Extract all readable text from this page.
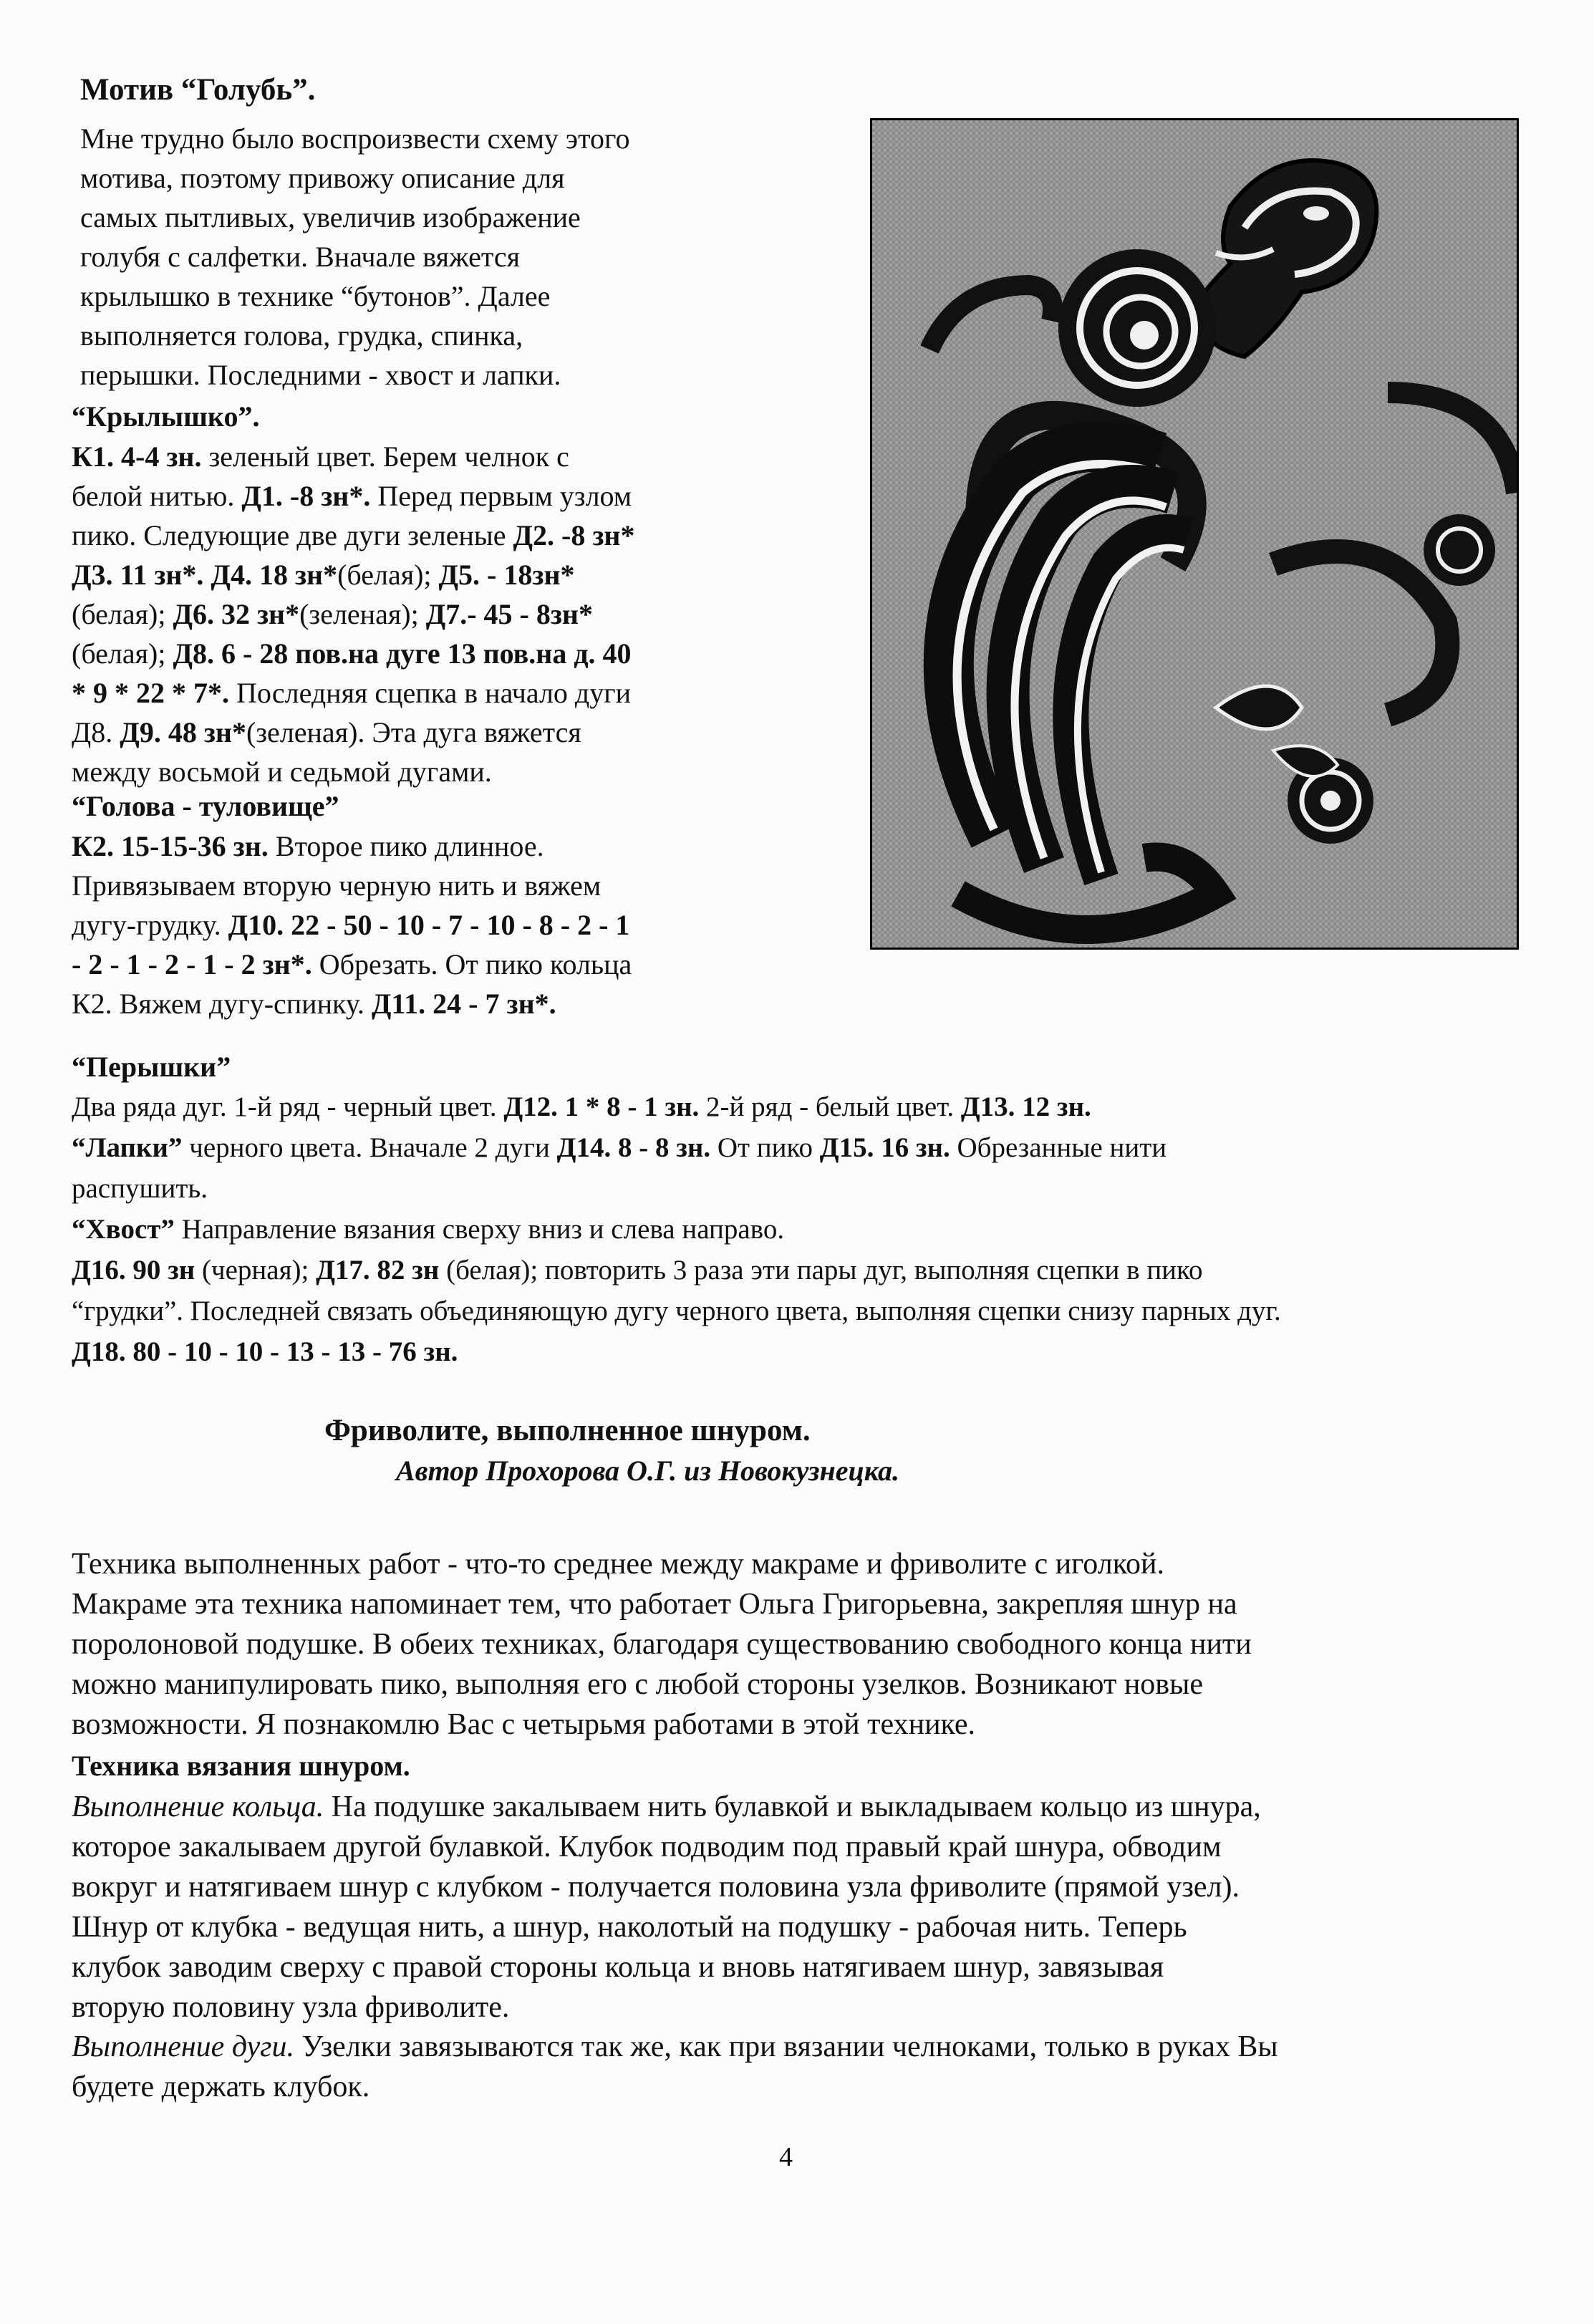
Мотив “Голубь”.
Мне трудно было воспроизвести схему этого
мотива, поэтому привожу описание для
самых пытливых, увеличив изображение
голубя с салфетки. Вначале вяжется
крылышко в технике “бутонов”. Далее
выполняется голова, грудка, спинка,
перышки. Последними - хвост и лапки.
“Крылышко”.
К1. 4-4 зн. зеленый цвет. Берем челнок с
белой нитью. Д1. -8 зн*. Перед первым узлом
пико. Следующие две дуги зеленые Д2. -8 зн*
Д3. 11 зн*. Д4. 18 зн*(белая); Д5. - 18зн*
(белая); Д6. 32 зн*(зеленая); Д7.- 45 - 8зн*
(белая); Д8. 6 - 28 пов.на дуге 13 пов.на д. 40
* 9 * 22 * 7*. Последняя сцепка в начало дуги
Д8. Д9. 48 зн*(зеленая). Эта дуга вяжется
между восьмой и седьмой дугами.
“Голова - туловище”
К2. 15-15-36 зн. Второе пико длинное.
Привязываем вторую черную нить и вяжем
дугу-грудку. Д10. 22 - 50 - 10 - 7 - 10 - 8 - 2 - 1
- 2 - 1 - 2 - 1 - 2 зн*. Обрезать. От пико кольца
К2. Вяжем дугу-спинку. Д11. 24 - 7 зн*.
“Перышки”
Два ряда дуг. 1-й ряд - черный цвет. Д12. 1 * 8 - 1 зн. 2-й ряд - белый цвет. Д13. 12 зн.
“Лапки” черного цвета. Вначале 2 дуги Д14. 8 - 8 зн. От пико Д15. 16 зн. Обрезанные нити
распушить.
“Хвост” Направление вязания сверху вниз и слева направо.
Д16. 90 зн (черная); Д17. 82 зн (белая); повторить 3 раза эти пары дуг, выполняя сцепки в пико
“грудки”. Последней связать объединяющую дугу черного цвета, выполняя сцепки снизу парных дуг.
Д18. 80 - 10 - 10 - 13 - 13 - 76 зн.
Фриволите, выполненное шнуром.
Автор Прохорова О.Г. из Новокузнецка.
Техника выполненных работ - что-то среднее между макраме и фриволите с иголкой.
Макраме эта техника напоминает тем, что работает Ольга Григорьевна, закрепляя шнур на
поролоновой подушке. В обеих техниках, благодаря существованию свободного конца нити
можно манипулировать пико, выполняя его с любой стороны узелков. Возникают новые
возможности. Я познакомлю Вас с четырьмя работами в этой технике.
Техника вязания шнуром.
Выполнение кольца. На подушке закалываем нить булавкой и выкладываем кольцо из шнура,
которое закалываем другой булавкой. Клубок подводим под правый край шнура, обводим
вокруг и натягиваем шнур с клубком - получается половина узла фриволите (прямой узел).
Шнур от клубка - ведущая нить, а шнур, наколотый на подушку - рабочая нить. Теперь
клубок заводим сверху с правой стороны кольца и вновь натягиваем шнур, завязывая
вторую половину узла фриволите.
Выполнение дуги. Узелки завязываются так же, как при вязании челноками, только в руках Вы
будете держать клубок.
4
